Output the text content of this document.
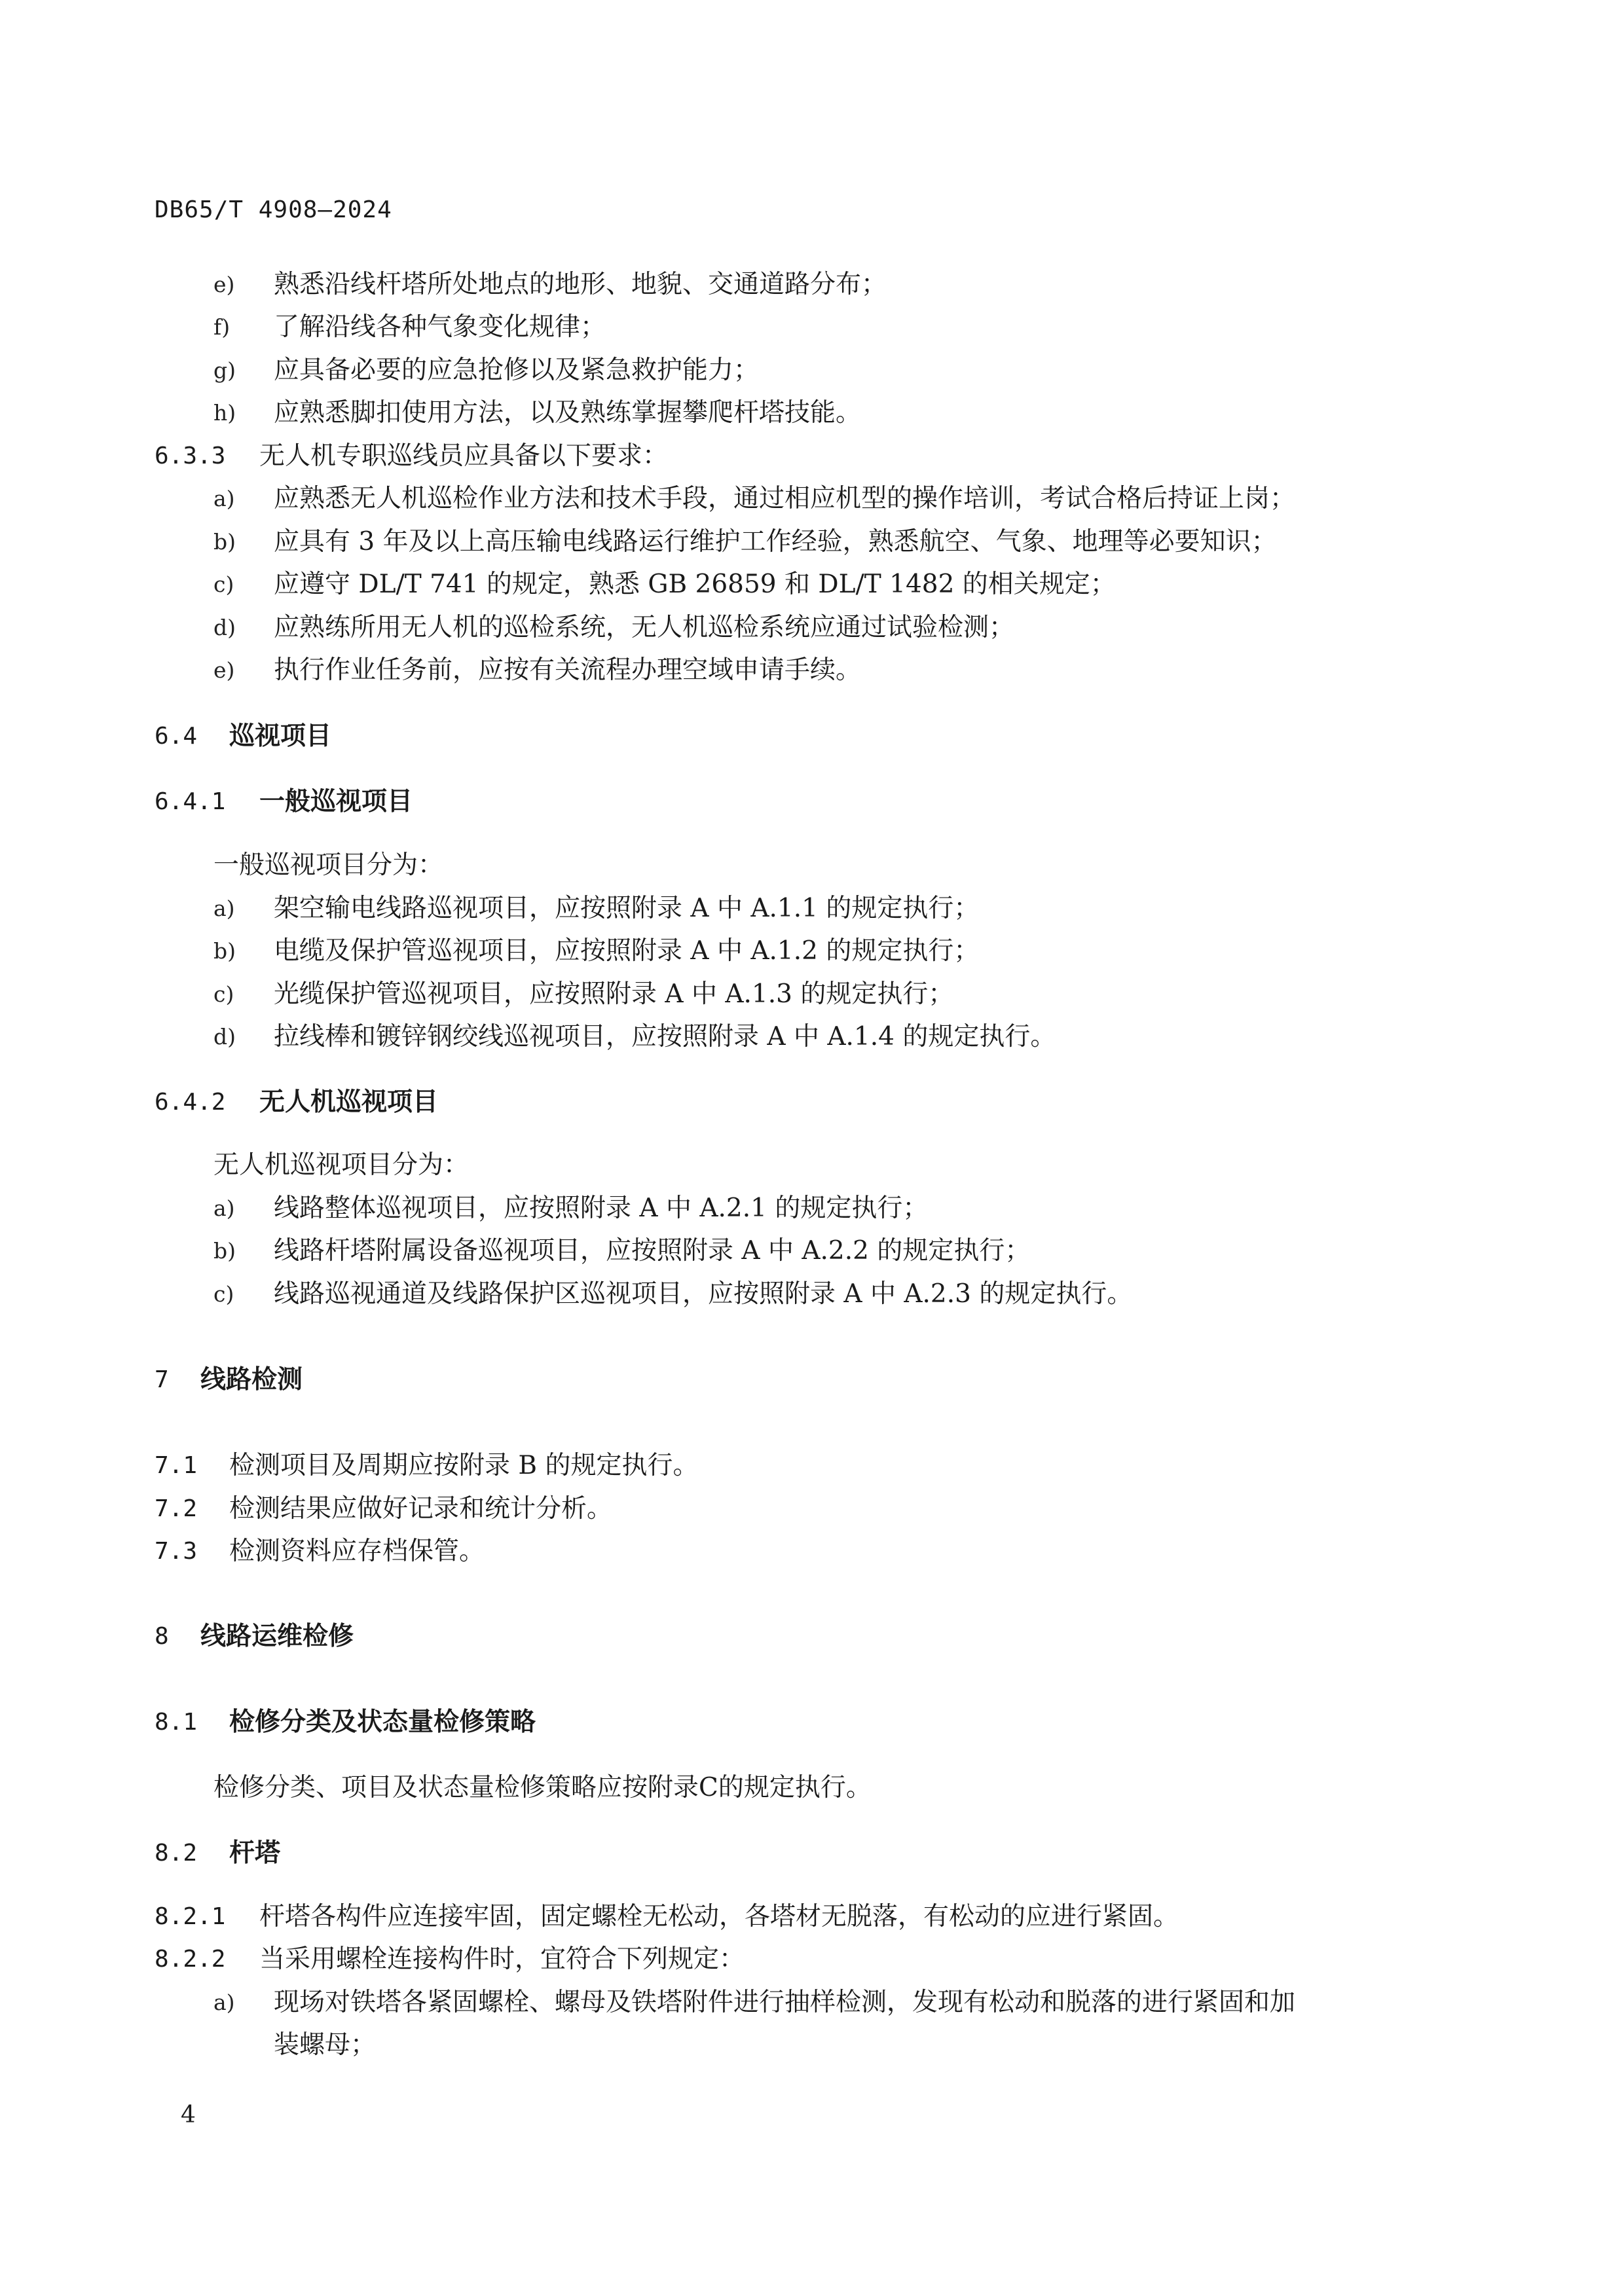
DB65/T 4908—2024
e) 熟悉沿线杆塔所处地点的地形、地貌、交通道路分布；
f) 了解沿线各种气象变化规律；
g) 应具备必要的应急抢修以及紧急救护能力；
h) 应熟悉脚扣使用方法，以及熟练掌握攀爬杆塔技能。
6.3.3 无人机专职巡线员应具备以下要求：
a) 应熟悉无人机巡检作业方法和技术手段，通过相应机型的操作培训，考试合格后持证上岗；
b) 应具有 3 年及以上高压输电线路运行维护工作经验，熟悉航空、气象、地理等必要知识；
c) 应遵守 DL/T 741 的规定，熟悉 GB 26859 和 DL/T 1482 的相关规定；
d) 应熟练所用无人机的巡检系统，无人机巡检系统应通过试验检测；
e) 执行作业任务前，应按有关流程办理空域申请手续。
6.4 巡视项目
6.4.1 一般巡视项目
一般巡视项目分为：
a) 架空输电线路巡视项目，应按照附录 A 中 A.1.1 的规定执行；
b) 电缆及保护管巡视项目，应按照附录 A 中 A.1.2 的规定执行；
c) 光缆保护管巡视项目，应按照附录 A 中 A.1.3 的规定执行；
d) 拉线棒和镀锌钢绞线巡视项目，应按照附录 A 中 A.1.4 的规定执行。
6.4.2 无人机巡视项目
无人机巡视项目分为：
a) 线路整体巡视项目，应按照附录 A 中 A.2.1 的规定执行；
b) 线路杆塔附属设备巡视项目，应按照附录 A 中 A.2.2 的规定执行；
c) 线路巡视通道及线路保护区巡视项目，应按照附录 A 中 A.2.3 的规定执行。
7 线路检测
7.1 检测项目及周期应按附录 B 的规定执行。
7.2 检测结果应做好记录和统计分析。
7.3 检测资料应存档保管。
8 线路运维检修
8.1 检修分类及状态量检修策略
检修分类、项目及状态量检修策略应按附录C的规定执行。
8.2 杆塔
8.2.1 杆塔各构件应连接牢固，固定螺栓无松动，各塔材无脱落，有松动的应进行紧固。
8.2.2 当采用螺栓连接构件时，宜符合下列规定：
a) 现场对铁塔各紧固螺栓、螺母及铁塔附件进行抽样检测，发现有松动和脱落的进行紧固和加
装螺母；
4
